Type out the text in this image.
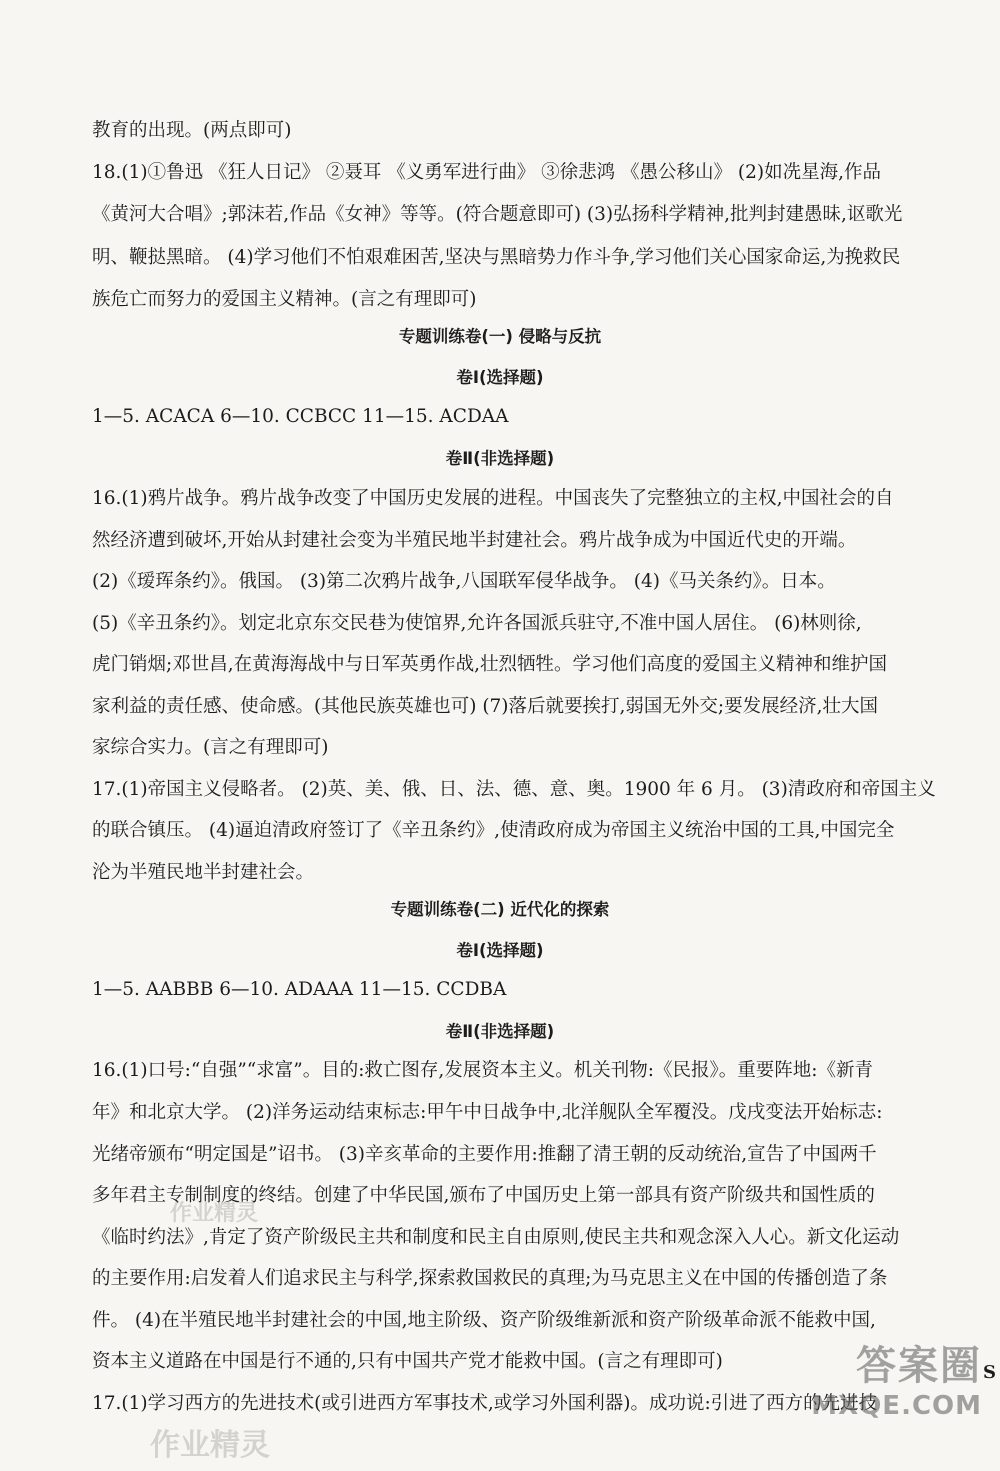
教育的出现。(两点即可)
18.(1)①鲁迅 《狂人日记》 ②聂耳 《义勇军进行曲》 ③徐悲鸿 《愚公移山》 (2)如冼星海,作品
《黄河大合唱》;郭沫若,作品《女神》等等。(符合题意即可) (3)弘扬科学精神,批判封建愚昧,讴歌光
明、鞭挞黑暗。 (4)学习他们不怕艰难困苦,坚决与黑暗势力作斗争,学习他们关心国家命运,为挽救民
族危亡而努力的爱国主义精神。(言之有理即可)
1—5. ACACA 6—10. CCBCC 11—15. ACDAA
16.(1)鸦片战争。鸦片战争改变了中国历史发展的进程。中国丧失了完整独立的主权,中国社会的自
然经济遭到破坏,开始从封建社会变为半殖民地半封建社会。鸦片战争成为中国近代史的开端。
(2)《瑷珲条约》。俄国。 (3)第二次鸦片战争,八国联军侵华战争。 (4)《马关条约》。日本。
(5)《辛丑条约》。划定北京东交民巷为使馆界,允许各国派兵驻守,不准中国人居住。 (6)林则徐,
虎门销烟;邓世昌,在黄海海战中与日军英勇作战,壮烈牺牲。学习他们高度的爱国主义精神和维护国
家利益的责任感、使命感。(其他民族英雄也可) (7)落后就要挨打,弱国无外交;要发展经济,壮大国
家综合实力。(言之有理即可)
17.(1)帝国主义侵略者。 (2)英、美、俄、日、法、德、意、奥。1900 年 6 月。 (3)清政府和帝国主义
的联合镇压。 (4)逼迫清政府签订了《辛丑条约》,使清政府成为帝国主义统治中国的工具,中国完全
沦为半殖民地半封建社会。
1—5. AABBB 6—10. ADAAA 11—15. CCDBA
16.(1)口号:“自强”“求富”。目的:救亡图存,发展资本主义。机关刊物:《民报》。重要阵地:《新青
年》和北京大学。 (2)洋务运动结束标志:甲午中日战争中,北洋舰队全军覆没。戊戌变法开始标志:
光绪帝颁布“明定国是”诏书。 (3)辛亥革命的主要作用:推翻了清王朝的反动统治,宣告了中国两千
多年君主专制制度的终结。创建了中华民国,颁布了中国历史上第一部具有资产阶级共和国性质的
《临时约法》,肯定了资产阶级民主共和制度和民主自由原则,使民主共和观念深入人心。新文化运动
的主要作用:启发着人们追求民主与科学,探索救国救民的真理;为马克思主义在中国的传播创造了条
件。 (4)在半殖民地半封建社会的中国,地主阶级、资产阶级维新派和资产阶级革命派不能救中国,
资本主义道路在中国是行不通的,只有中国共产党才能救中国。(言之有理即可)
17.(1)学习西方的先进技术(或引进西方军事技术,或学习外国利器)。成功说:引进了西方的先进技
专题训练卷(一) 侵略与反抗
卷Ⅰ(选择题)
卷Ⅱ(非选择题)
专题训练卷(二) 近代化的探索
卷Ⅰ(选择题)
卷Ⅱ(非选择题)
作业精灵
作业精灵
答案圈
MXQE.COM
S
